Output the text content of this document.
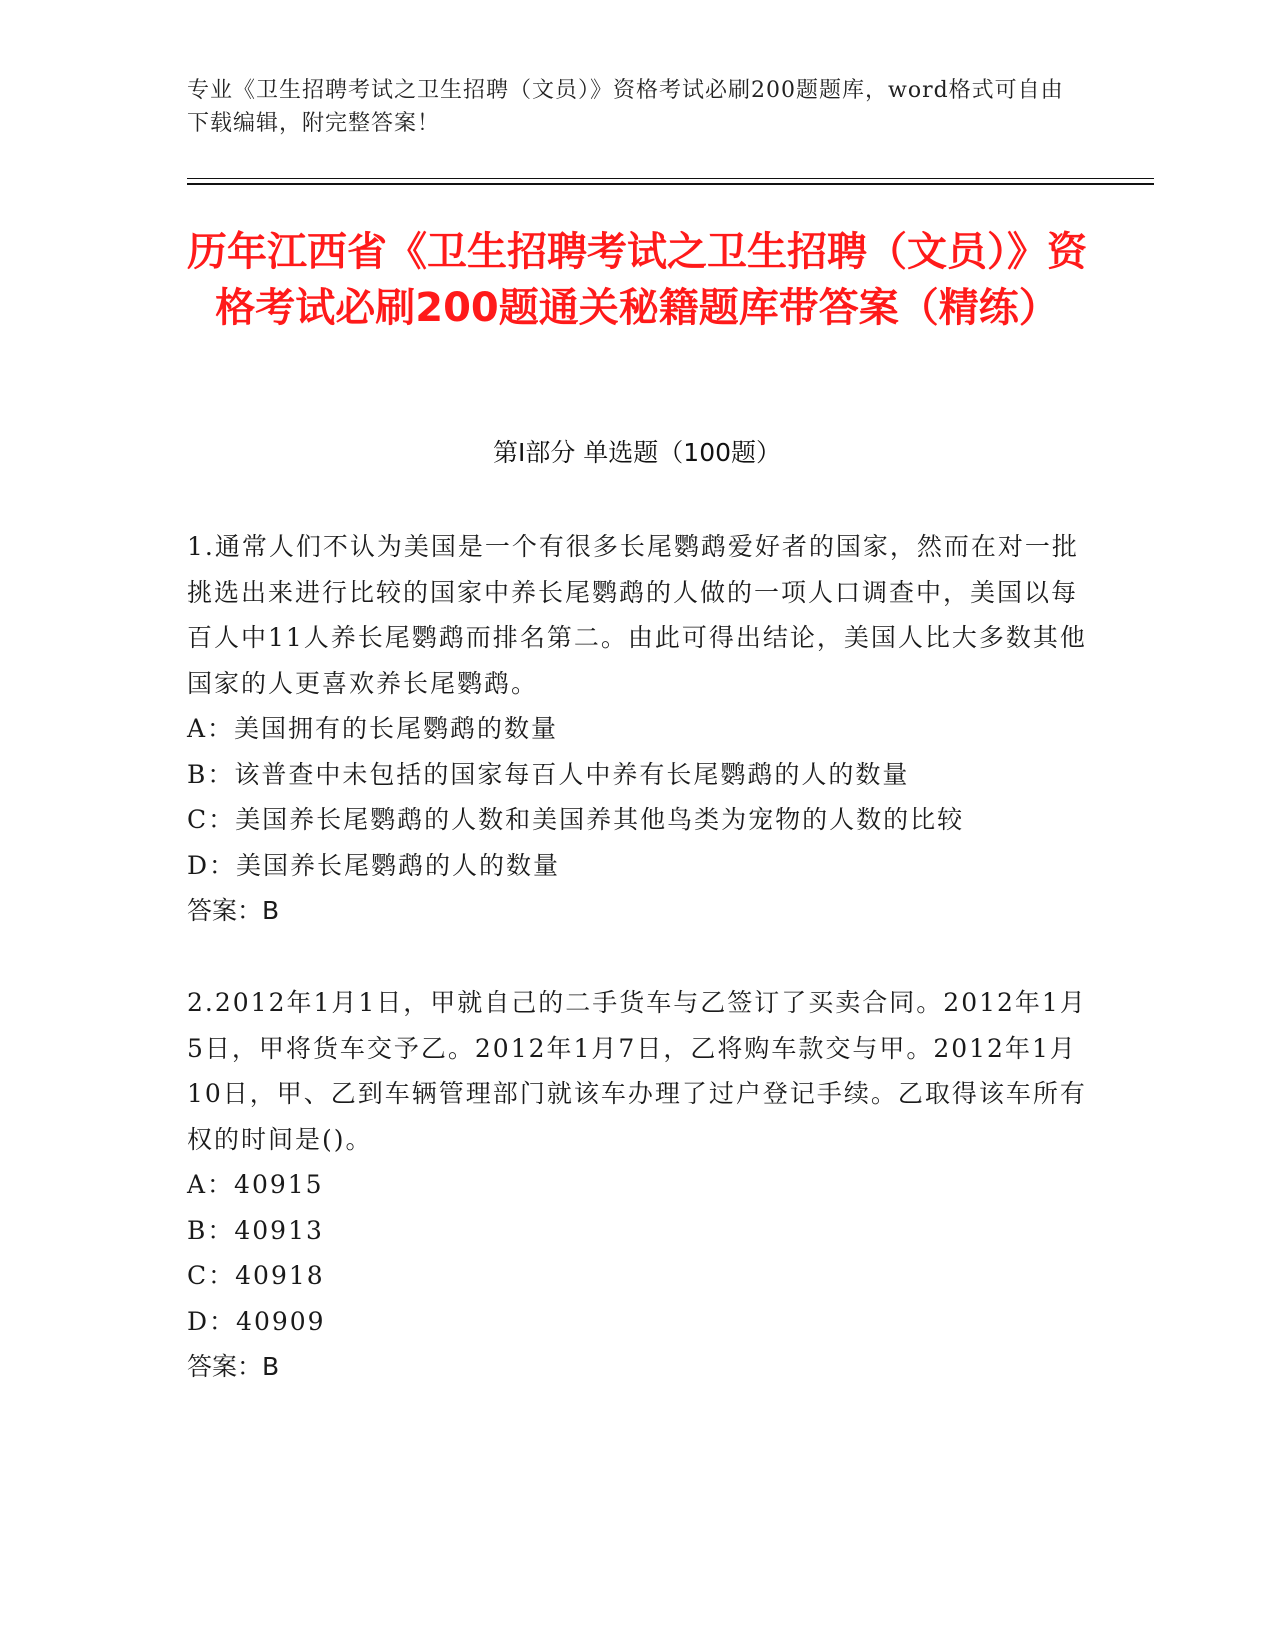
专业《卫生招聘考试之卫生招聘（文员）》资格考试必刷200题题库，word格式可自由下载编辑，附完整答案！
历年江西省《卫生招聘考试之卫生招聘（文员）》资格考试必刷200题通关秘籍题库带答案（精练）
第I部分 单选题（100题）

1.通常人们不认为美国是一个有很多长尾鹦鹉爱好者的国家，然而在对一批挑选出来进行比较的国家中养长尾鹦鹉的人做的一项人口调查中，美国以每百人中11人养长尾鹦鹉而排名第二。由此可得出结论，美国人比大多数其他国家的人更喜欢养长尾鹦鹉。

A：美国拥有的长尾鹦鹉的数量

B：该普查中未包括的国家每百人中养有长尾鹦鹉的人的数量

C：美国养长尾鹦鹉的人数和美国养其他鸟类为宠物的人数的比较

D：美国养长尾鹦鹉的人的数量

答案：B

2.2012年1月1日，甲就自己的二手货车与乙签订了买卖合同。2012年1月5日，甲将货车交予乙。2012年1月7日，乙将购车款交与甲。2012年1月10日，甲、乙到车辆管理部门就该车办理了过户登记手续。乙取得该车所有权的时间是()。

A：40915

B：40913

C：40918

D：40909

答案：B
